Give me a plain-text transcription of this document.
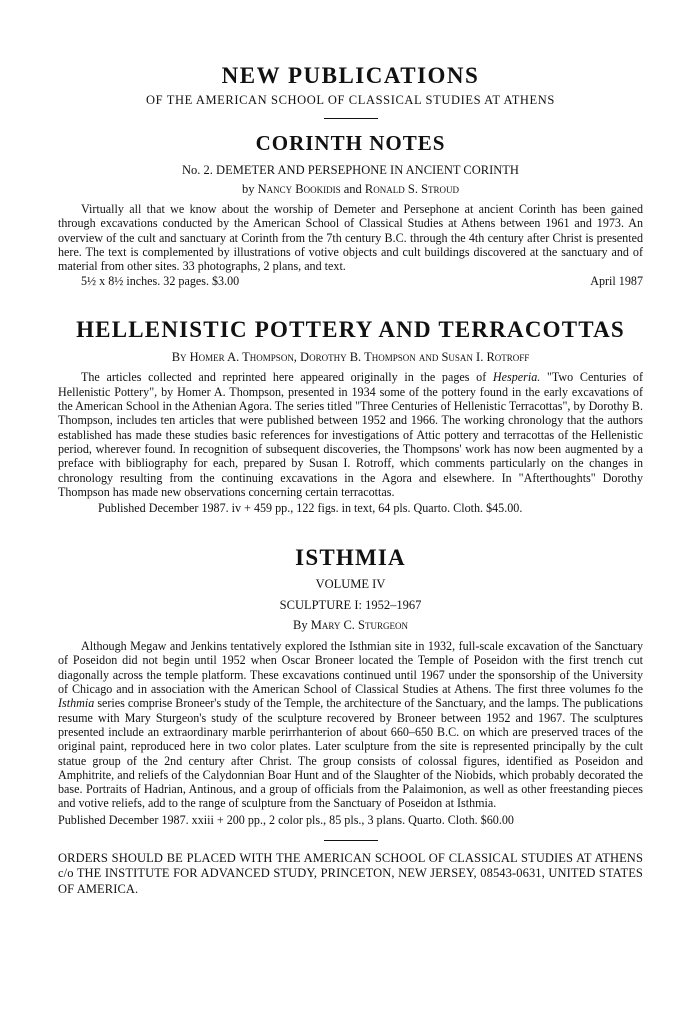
NEW PUBLICATIONS
OF THE AMERICAN SCHOOL OF CLASSICAL STUDIES AT ATHENS
CORINTH NOTES
No. 2. DEMETER AND PERSEPHONE IN ANCIENT CORINTH
by Nancy Bookidis and Ronald S. Stroud

Virtually all that we know about the worship of Demeter and Persephone at ancient Corinth has been gained through excavations conducted by the American School of Classical Studies at Athens between 1961 and 1973. An overview of the cult and sanctuary at Corinth from the 7th century B.C. through the 4th century after Christ is presented here. The text is complemented by illustrations of votive objects and cult buildings discovered at the sanctuary and of material from other sites. 33 photographs, 2 plans, and text.

5½ x 8½ inches. 32 pages. $3.00	April 1987
HELLENISTIC POTTERY AND TERRACOTTAS
By Homer A. Thompson, Dorothy B. Thompson and Susan I. Rotroff

The articles collected and reprinted here appeared originally in the pages of Hesperia. "Two Centuries of Hellenistic Pottery", by Homer A. Thompson, presented in 1934 some of the pottery found in the early excavations of the American School in the Athenian Agora. The series titled "Three Centuries of Hellenistic Terracottas", by Dorothy B. Thompson, includes ten articles that were published between 1952 and 1966. The working chronology that the authors established has made these studies basic references for investigations of Attic pottery and terracottas of the Hellenistic period, wherever found. In recognition of subsequent discoveries, the Thompsons' work has now been augmented by a preface with bibliography for each, prepared by Susan I. Rotroff, which comments particularly on the changes in chronology resulting from the continuing excavations in the Agora and elsewhere. In "Afterthoughts" Dorothy Thompson has made new observations concerning certain terracottas.

Published December 1987. iv + 459 pp., 122 figs. in text, 64 pls. Quarto. Cloth. $45.00.
ISTHMIA
VOLUME IV
SCULPTURE I: 1952–1967
By Mary C. Sturgeon

Although Megaw and Jenkins tentatively explored the Isthmian site in 1932, full-scale excavation of the Sanctuary of Poseidon did not begin until 1952 when Oscar Broneer located the Temple of Poseidon with the first trench cut diagonally across the temple platform. These excavations continued until 1967 under the sponsorship of the University of Chicago and in association with the American School of Classical Studies at Athens. The first three volumes fo the Isthmia series comprise Broneer's study of the Temple, the architecture of the Sanctuary, and the lamps. The publications resume with Mary Sturgeon's study of the sculpture recovered by Broneer between 1952 and 1967. The sculptures presented include an extraordinary marble perirrhanterion of about 660–650 B.C. on which are preserved traces of the original paint, reproduced here in two color plates. Later sculpture from the site is represented principally by the cult statue group of the 2nd century after Christ. The group consists of colossal figures, identified as Poseidon and Amphitrite, and reliefs of the Calydonnian Boar Hunt and of the Slaughter of the Niobids, which probably decorated the base. Portraits of Hadrian, Antinous, and a group of officials from the Palaimonion, as well as other freestanding pieces and votive reliefs, add to the range of sculpture from the Sanctuary of Poseidon at Isthmia.

Published December 1987. xxiii + 200 pp., 2 color pls., 85 pls., 3 plans. Quarto. Cloth. $60.00

ORDERS SHOULD BE PLACED WITH THE AMERICAN SCHOOL OF CLASSICAL STUDIES AT ATHENS c/o THE INSTITUTE FOR ADVANCED STUDY, PRINCETON, NEW JERSEY, 08543-0631, UNITED STATES OF AMERICA.
